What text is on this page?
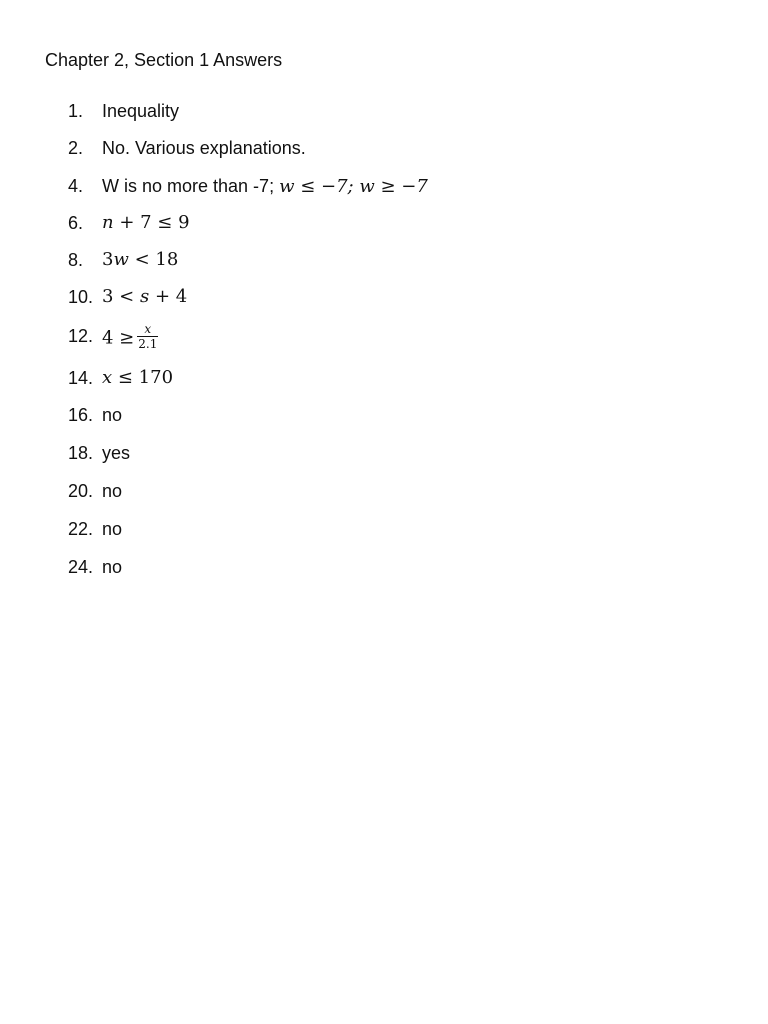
Chapter 2, Section 1 Answers
1.	Inequality
2.	No. Various explanations.
4.	W is no more than -7; w ≤ −7; w ≥ −7
6.	n + 7 ≤ 9
8.	3w < 18
10. 3 < s + 4
12. $4 \ge \frac{x}{2.1}$
14. x ≤ 170
16. no
18. yes
20. no
22. no
24. no
